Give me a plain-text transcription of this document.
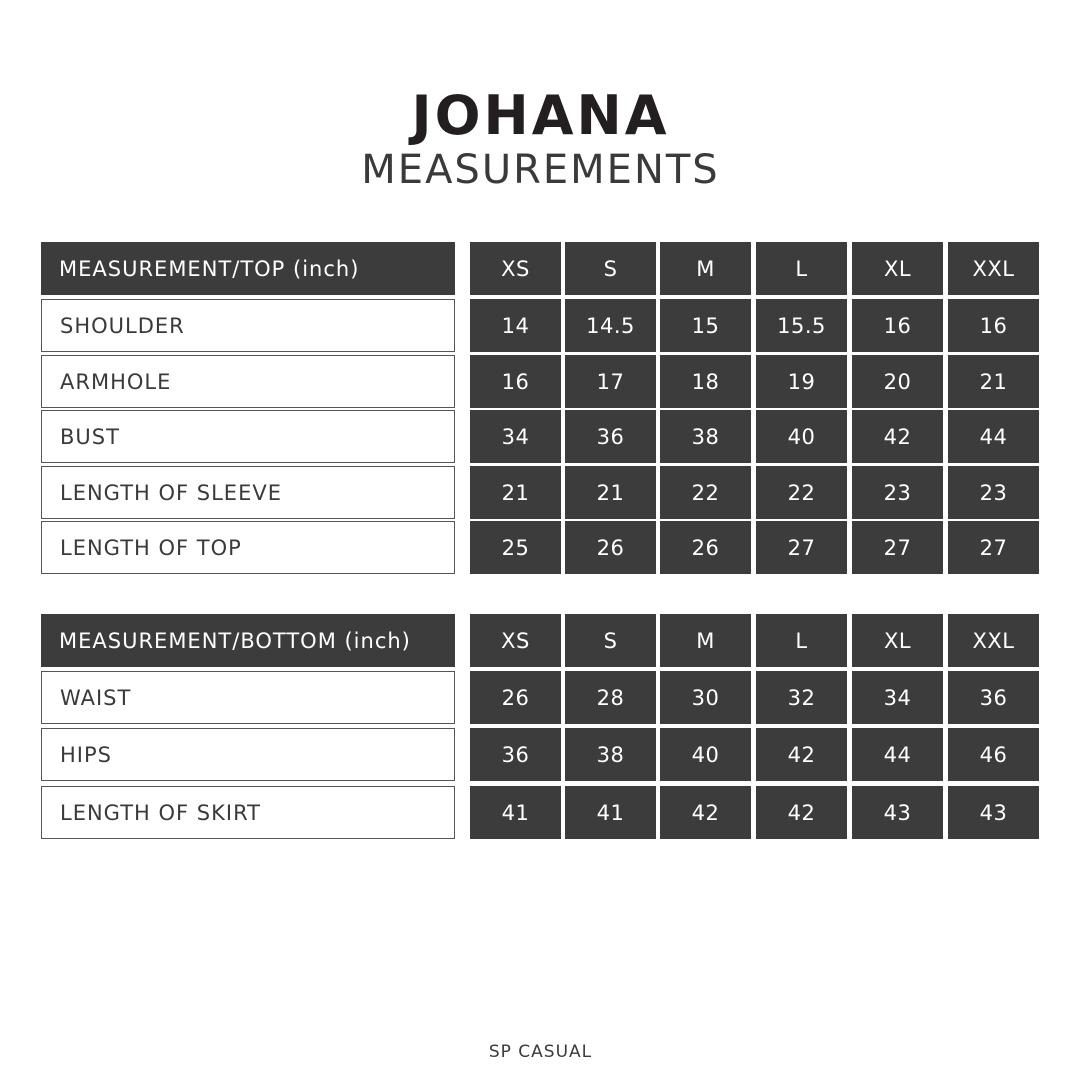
JOHANA
MEASUREMENTS
MEASUREMENT/TOP (inch)	XS	S	M	L	XL	XXL
SHOULDER	14	14.5	15	15.5	16	16
ARMHOLE	16	17	18	19	20	21
BUST	34	36	38	40	42	44
LENGTH OF SLEEVE	21	21	22	22	23	23
LENGTH OF TOP	25	26	26	27	27	27
MEASUREMENT/BOTTOM (inch)	XS	S	M	L	XL	XXL
WAIST	26	28	30	32	34	36
HIPS	36	38	40	42	44	46
LENGTH OF SKIRT	41	41	42	42	43	43
SP CASUAL
